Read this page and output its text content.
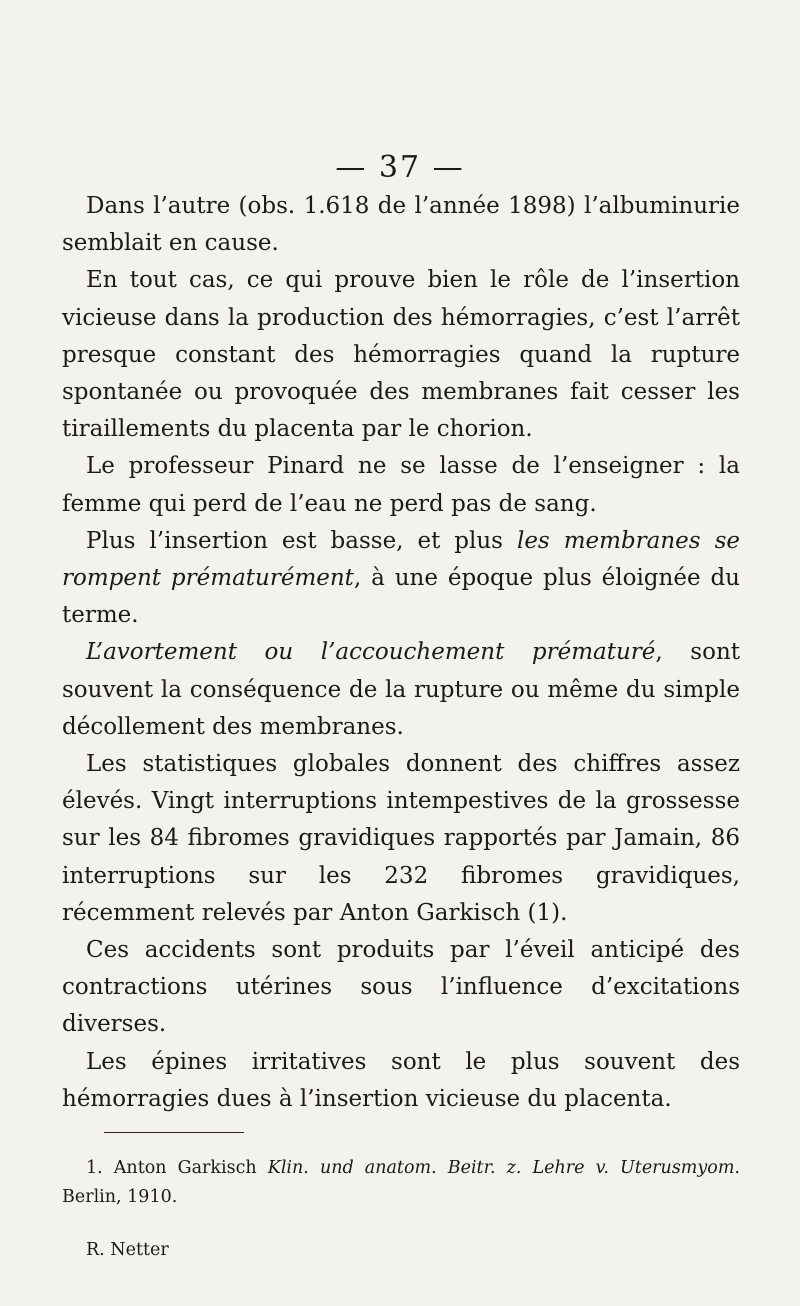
— 37 —

Dans l’autre (obs. 1.618 de l’année 1898) l’albuminurie semblait en cause.

En tout cas, ce qui prouve bien le rôle de l’insertion vicieuse dans la production des hémorragies, c’est l’arrêt presque constant des hémorragies quand la rupture spontanée ou provoquée des membranes fait cesser les tiraillements du placenta par le chorion.

Le professeur Pinard ne se lasse de l’enseigner : la femme qui perd de l’eau ne perd pas de sang.

Plus l’insertion est basse, et plus les membranes se rompent prématurément, à une époque plus éloignée du terme.

L’avortement ou l’accouchement prématuré, sont souvent la conséquence de la rupture ou même du simple décollement des membranes.

Les statistiques globales donnent des chiffres assez élevés. Vingt interruptions intempestives de la grossesse sur les 84 fibromes gravidiques rapportés par Jamain, 86 interruptions sur les 232 fibromes gravidiques, récemment relevés par Anton Garkisch (1).

Ces accidents sont produits par l’éveil anticipé des contractions utérines sous l’influence d’excitations diverses.

Les épines irritatives sont le plus souvent des hémorragies dues à l’insertion vicieuse du placenta.

1. Anton Garkisch Klin. und anatom. Beitr. z. Lehre v. Uterusmyom. Berlin, 1910.

R. Netter
